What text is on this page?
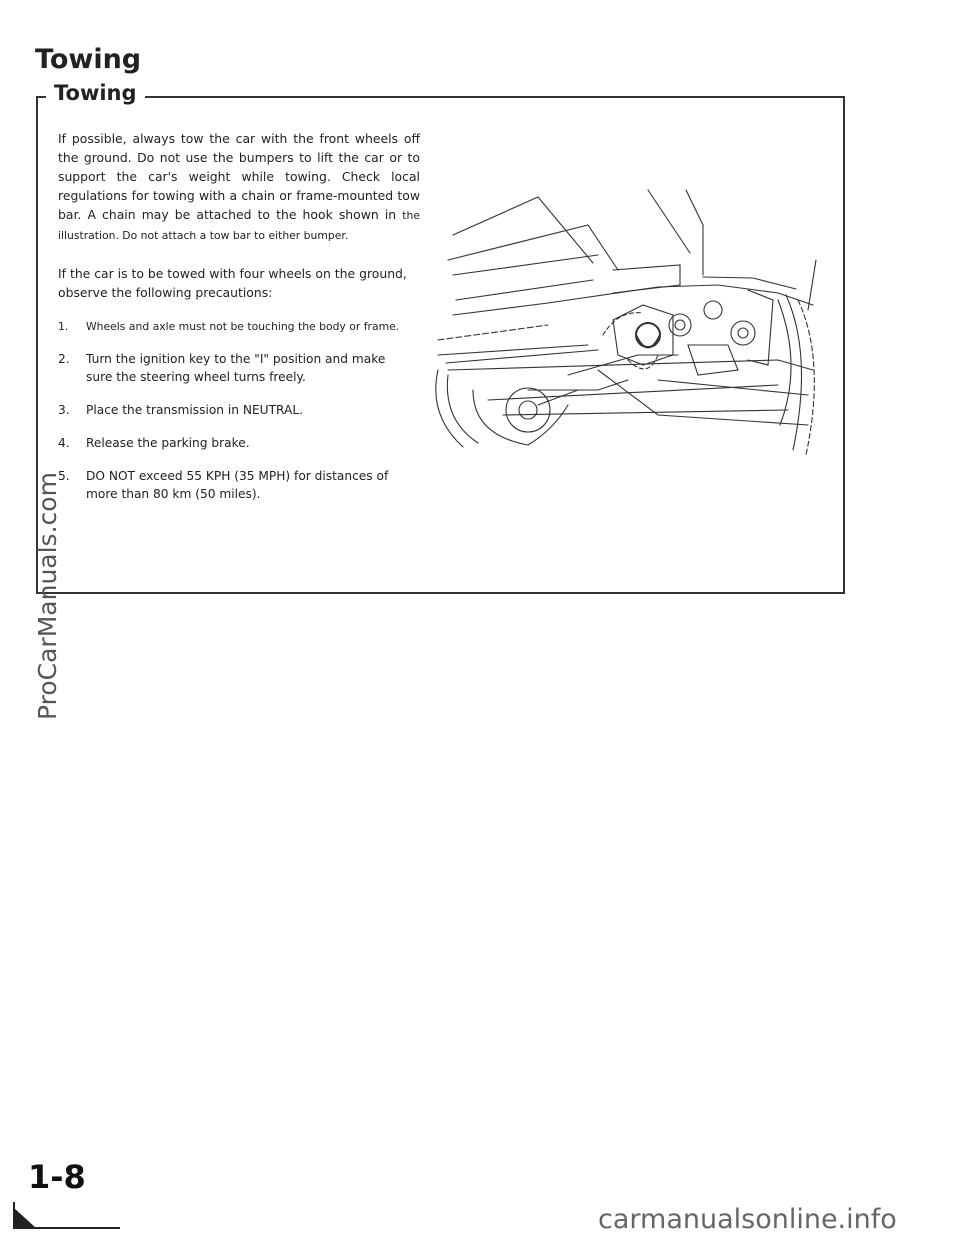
Towing
Towing
If possible, always tow the car with the front wheels off the ground. Do not use the bumpers to lift the car or to support the car's weight while towing. Check local regulations for towing with a chain or frame-mounted tow bar. A chain may be attached to the hook shown in the illustration. Do not attach a tow bar to either bumper.
If the car is to be towed with four wheels on the ground, observe the following precautions:
1. Wheels and axle must not be touching the body or frame.
2. Turn the ignition key to the "I" position and make sure the steering wheel turns freely.
3. Place the transmission in NEUTRAL.
4. Release the parking brake.
5. DO NOT exceed 55 KPH (35 MPH) for distances of more than 80 km (50 miles).
ProCarManuals.com
1-8
carmanualsonline.info
